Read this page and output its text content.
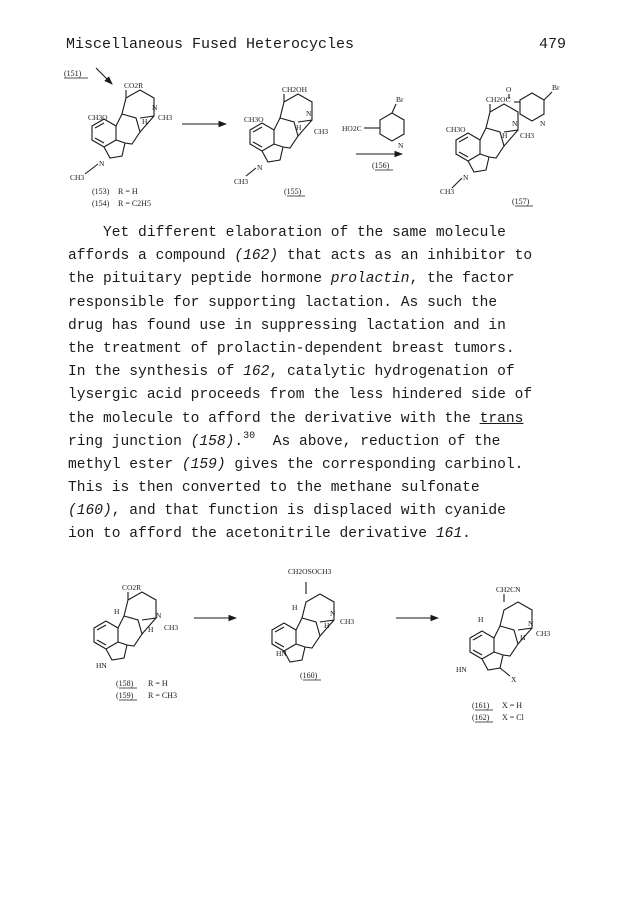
Miscellaneous Fused Heterocycles	479
(151)
CO2R
CH3O
N
CH3
H
N
CH3
(153) R = H
(154) R = C2H5
CH2OH
CH3O
N
CH3
H
N
CH3
(155)
Br
N
HO2C
(156)
CH2OC
O	Br
N
CH3O
N
CH3
H
N
CH3
(157)
Yet different elaboration of the same molecule
affords a compound (162) that acts as an inhibitor to
the pituitary peptide hormone prolactin, the factor
responsible for supporting lactation. As such the
drug has found use in suppressing lactation and in
the treatment of prolactin-dependent breast tumors.
In the synthesis of 162, catalytic hydrogenation of
lysergic acid proceeds from the less hindered side of
the molecule to afford the derivative with the trans
ring junction (158).$^{30}$  As above, reduction of the
methyl ester (159) gives the corresponding carbinol.
This is then converted to the methane sulfonate
(160), and that function is displaced with cyanide
ion to afford the acetonitrile derivative 161.
CO2R
H	N
CH3
H
HN
(158) R = H
(159) R = CH3
CH2OSOCH3
H
N
CH3
H
HN
(160)
CH2CN
H	N
CH3
H
HN
X
(161) X = H
(162) X = Cl
